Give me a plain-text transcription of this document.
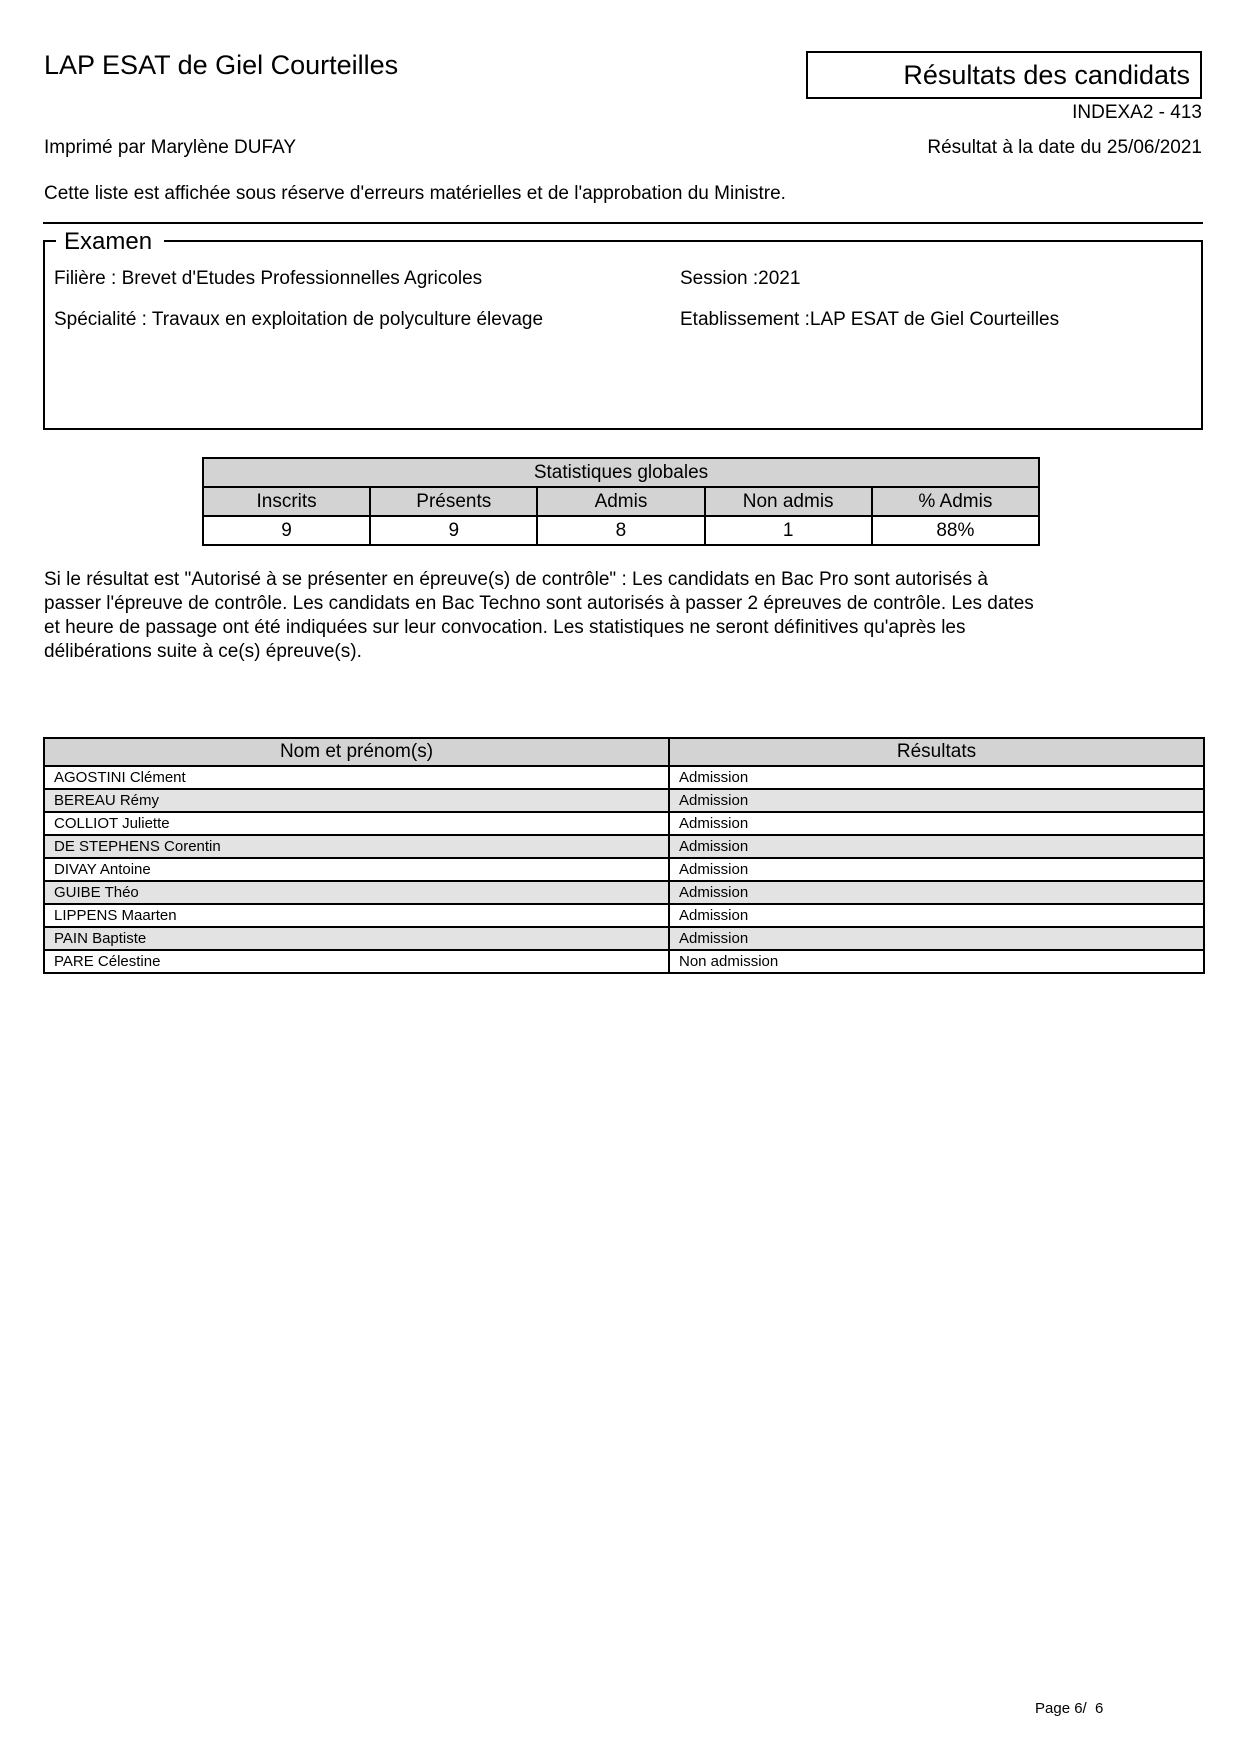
LAP ESAT de Giel Courteilles	Résultats des candidats
INDEXA2 - 413
Imprimé par Marylène DUFAY	Résultat à la date du 25/06/2021
Cette liste est affichée sous réserve d'erreurs matérielles et de l'approbation du Ministre.
Examen
Filière : Brevet d'Etudes Professionnelles Agricoles	Session :2021
Spécialité : Travaux en exploitation de polyculture élevage	Etablissement :LAP ESAT de Giel Courteilles
Statistiques globales				
Inscrits	Présents	Admis	Non admis	% Admis
9	9	8	1	88%
Si le résultat est "Autorisé à se présenter en épreuve(s) de contrôle" : Les candidats en Bac Pro sont autorisés à passer l'épreuve de contrôle. Les candidats en Bac Techno sont autorisés à passer 2 épreuves de contrôle. Les dates et heure de passage ont été indiquées sur leur convocation. Les statistiques ne seront définitives qu'après les délibérations suite à ce(s) épreuve(s).
Nom et prénom(s)	Résultats
AGOSTINI Clément	Admission
BEREAU Rémy	Admission
COLLIOT Juliette	Admission
DE STEPHENS Corentin	Admission
DIVAY Antoine	Admission
GUIBE Théo	Admission
LIPPENS Maarten	Admission
PAIN Baptiste	Admission
PARE Célestine	Non admission
Page 6/  6
